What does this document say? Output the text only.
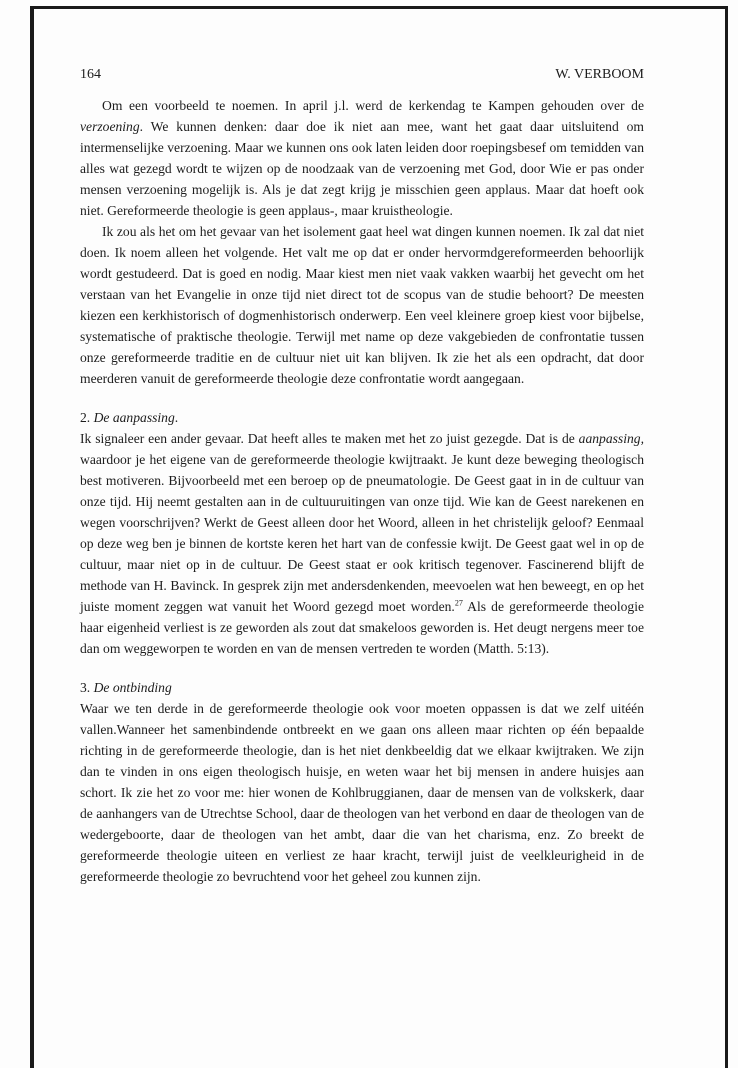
164	W. VERBOOM

Om een voorbeeld te noemen. In april j.l. werd de kerkendag te Kampen gehouden over de verzoening. We kunnen denken: daar doe ik niet aan mee, want het gaat daar uitsluitend om intermenselijke verzoening. Maar we kunnen ons ook laten leiden door roepingsbesef om temidden van alles wat gezegd wordt te wijzen op de noodzaak van de verzoening met God, door Wie er pas onder mensen verzoening mogelijk is. Als je dat zegt krijg je misschien geen applaus. Maar dat hoeft ook niet. Gereformeerde theologie is geen applaus-, maar kruistheologie.

Ik zou als het om het gevaar van het isolement gaat heel wat dingen kunnen noemen. Ik zal dat niet doen. Ik noem alleen het volgende. Het valt me op dat er onder hervormdgereformeerden behoorlijk wordt gestudeerd. Dat is goed en nodig. Maar kiest men niet vaak vakken waarbij het gevecht om het verstaan van het Evangelie in onze tijd niet direct tot de scopus van de studie behoort? De meesten kiezen een kerkhistorisch of dogmenhistorisch onderwerp. Een veel kleinere groep kiest voor bijbelse, systematische of praktische theologie. Terwijl met name op deze vakgebieden de confrontatie tussen onze gereformeerde traditie en de cultuur niet uit kan blijven. Ik zie het als een opdracht, dat door meerderen vanuit de gereformeerde theologie deze confrontatie wordt aangegaan.

2. De aanpassing.

Ik signaleer een ander gevaar. Dat heeft alles te maken met het zo juist gezegde. Dat is de aanpassing, waardoor je het eigene van de gereformeerde theologie kwijtraakt. Je kunt deze beweging theologisch best motiveren. Bijvoorbeeld met een beroep op de pneumatologie. De Geest gaat in in de cultuur van onze tijd. Hij neemt gestalten aan in de cultuuruitingen van onze tijd. Wie kan de Geest narekenen en wegen voorschrijven? Werkt de Geest alleen door het Woord, alleen in het christelijk geloof? Eenmaal op deze weg ben je binnen de kortste keren het hart van de confessie kwijt. De Geest gaat wel in op de cultuur, maar niet op in de cultuur. De Geest staat er ook kritisch tegenover. Fascinerend blijft de methode van H. Bavinck. In gesprek zijn met andersdenkenden, meevoelen wat hen beweegt, en op het juiste moment zeggen wat vanuit het Woord gezegd moet worden.$^{27}$ Als de gereformeerde theologie haar eigenheid verliest is ze geworden als zout dat smakeloos geworden is. Het deugt nergens meer toe dan om weggeworpen te worden en van de mensen vertreden te worden (Matth. 5:13).

3. De ontbinding

Waar we ten derde in de gereformeerde theologie ook voor moeten oppassen is dat we zelf uitéén vallen.Wanneer het samenbindende ontbreekt en we gaan ons alleen maar richten op één bepaalde richting in de gereformeerde theologie, dan is het niet denkbeeldig dat we elkaar kwijtraken. We zijn dan te vinden in ons eigen theologisch huisje, en weten waar het bij mensen in andere huisjes aan schort. Ik zie het zo voor me: hier wonen de Kohlbruggianen, daar de mensen van de volkskerk, daar de aanhangers van de Utrechtse School, daar de theologen van het verbond en daar de theologen van de wedergeboorte, daar de theologen van het ambt, daar die van het charisma, enz. Zo breekt de gereformeerde theologie uiteen en verliest ze haar kracht, terwijl juist de veelkleurigheid in de gereformeerde theologie zo bevruchtend voor het geheel zou kunnen zijn.
